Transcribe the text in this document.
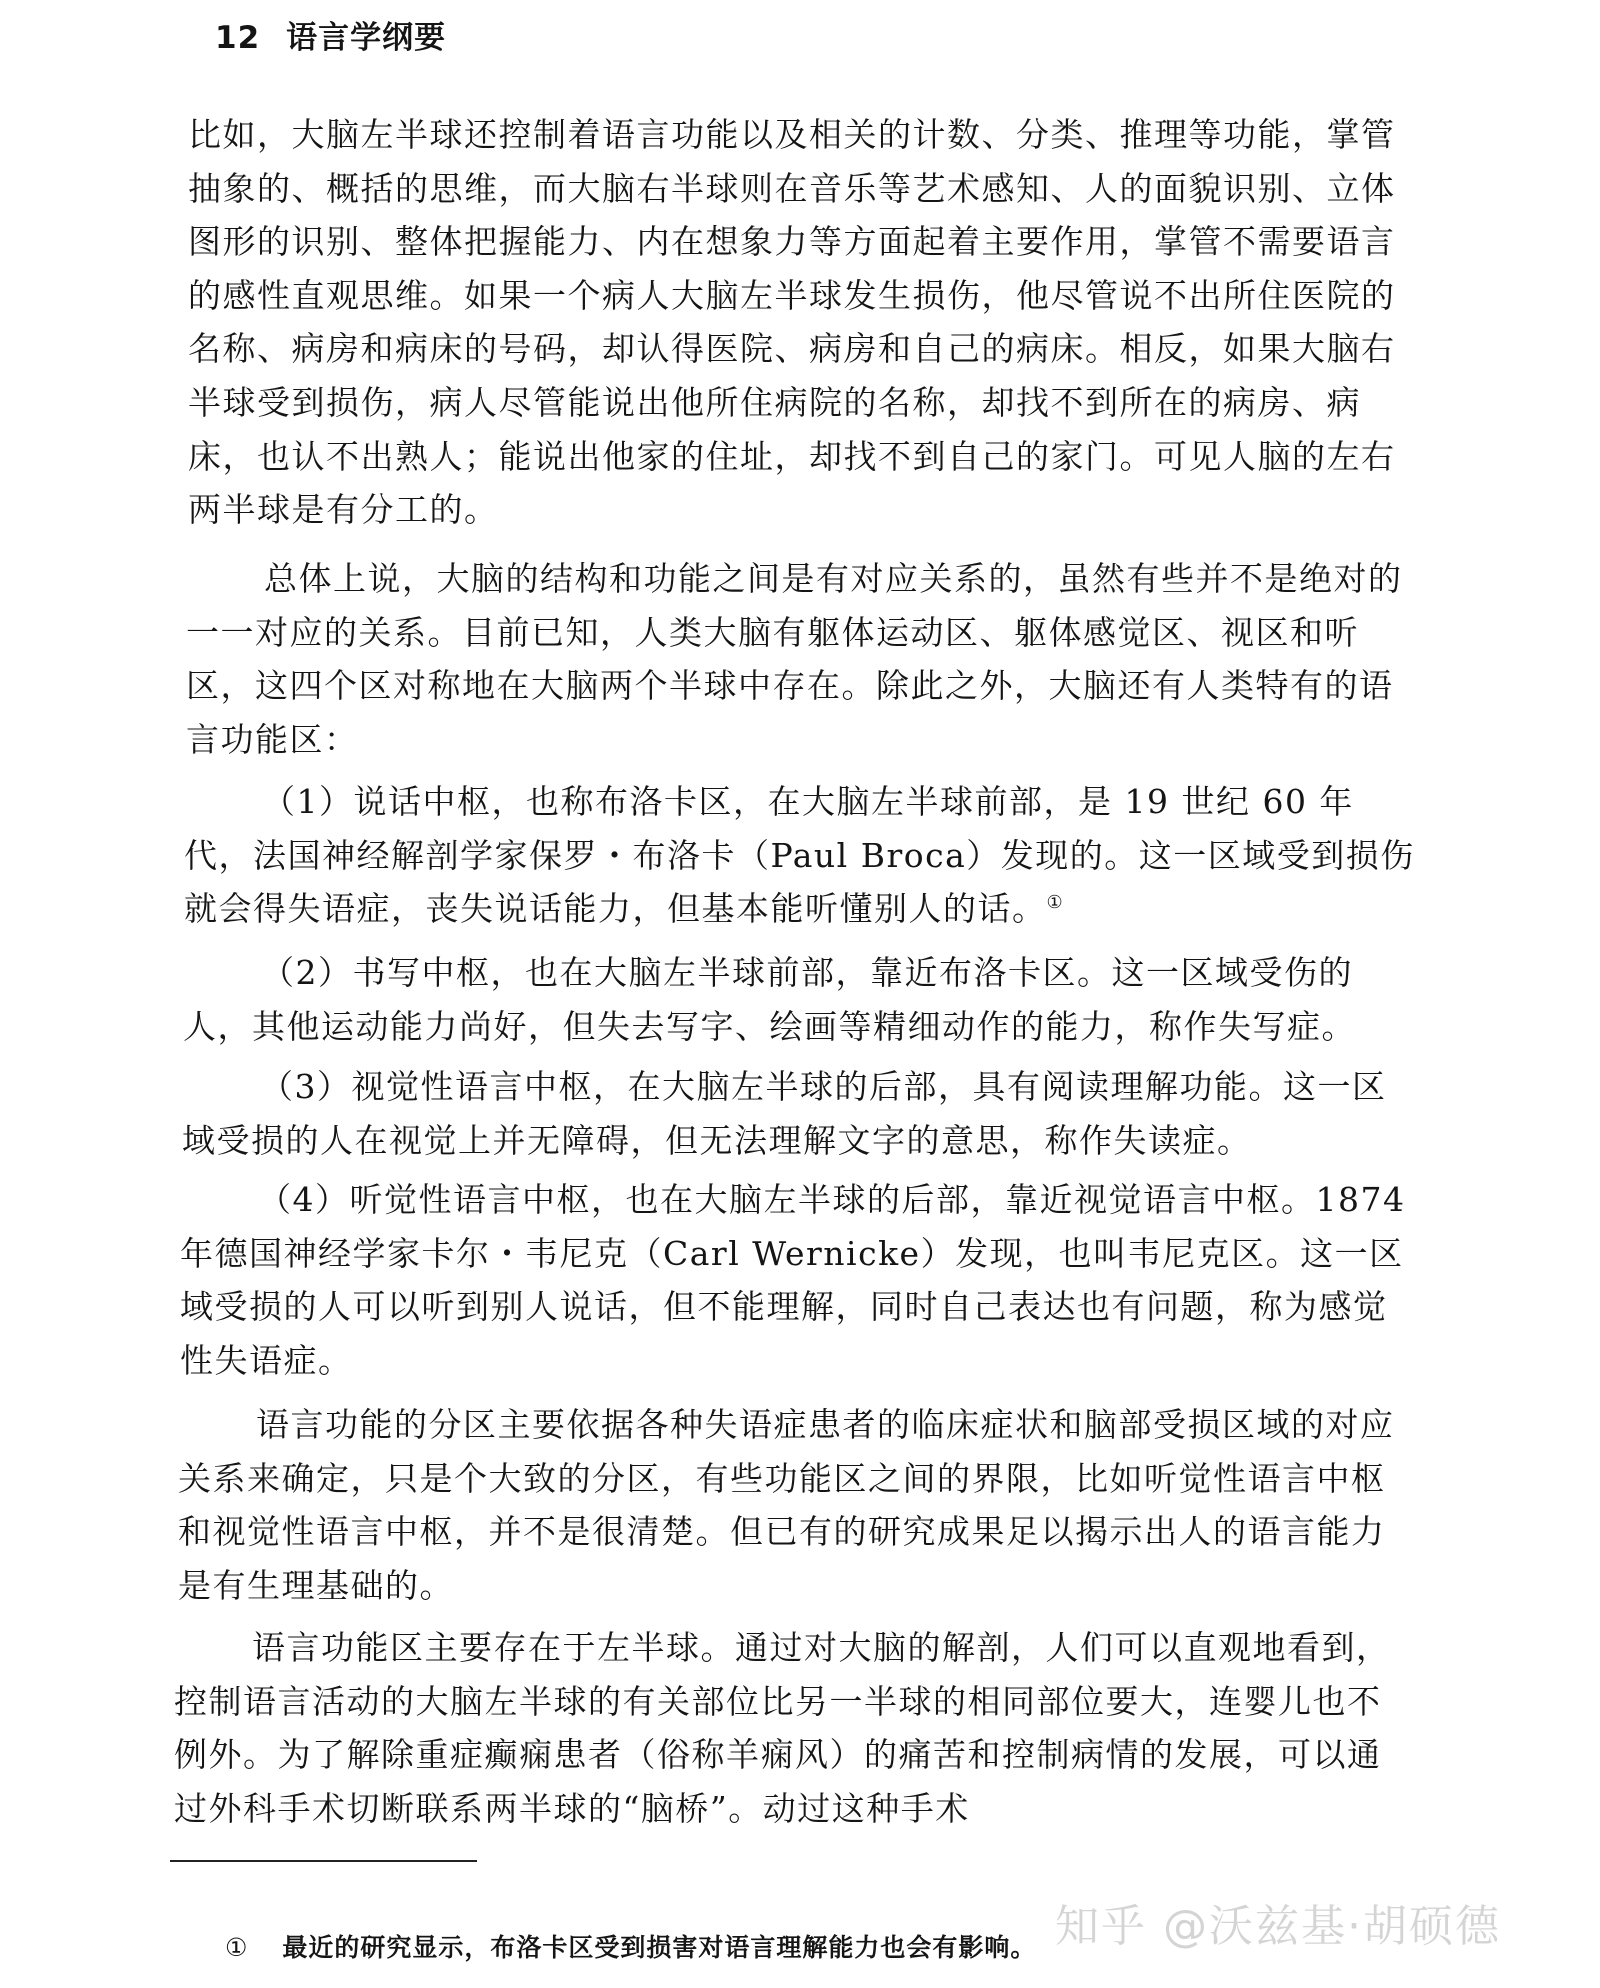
12 语言学纲要

比如，大脑左半球还控制着语言功能以及相关的计数、分类、推理等功能，掌管抽象的、概括的思维，而大脑右半球则在音乐等艺术感知、人的面貌识别、立体图形的识别、整体把握能力、内在想象力等方面起着主要作用，掌管不需要语言的感性直观思维。如果一个病人大脑左半球发生损伤，他尽管说不出所住医院的名称、病房和病床的号码，却认得医院、病房和自己的病床。相反，如果大脑右半球受到损伤，病人尽管能说出他所住病院的名称，却找不到所在的病房、病床，也认不出熟人；能说出他家的住址，却找不到自己的家门。可见人脑的左右两半球是有分工的。

总体上说，大脑的结构和功能之间是有对应关系的，虽然有些并不是绝对的一一对应的关系。目前已知，人类大脑有躯体运动区、躯体感觉区、视区和听区，这四个区对称地在大脑两个半球中存在。除此之外，大脑还有人类特有的语言功能区：

（1）说话中枢，也称布洛卡区，在大脑左半球前部，是 19 世纪 60 年代，法国神经解剖学家保罗・布洛卡（Paul Broca）发现的。这一区域受到损伤就会得失语症，丧失说话能力，但基本能听懂别人的话。①

（2）书写中枢，也在大脑左半球前部，靠近布洛卡区。这一区域受伤的人，其他运动能力尚好，但失去写字、绘画等精细动作的能力，称作失写症。

（3）视觉性语言中枢，在大脑左半球的后部，具有阅读理解功能。这一区域受损的人在视觉上并无障碍，但无法理解文字的意思，称作失读症。

（4）听觉性语言中枢，也在大脑左半球的后部，靠近视觉语言中枢。1874 年德国神经学家卡尔・韦尼克（Carl Wernicke）发现，也叫韦尼克区。这一区域受损的人可以听到别人说话，但不能理解，同时自己表达也有问题，称为感觉性失语症。

语言功能的分区主要依据各种失语症患者的临床症状和脑部受损区域的对应关系来确定，只是个大致的分区，有些功能区之间的界限，比如听觉性语言中枢和视觉性语言中枢，并不是很清楚。但已有的研究成果足以揭示出人的语言能力是有生理基础的。

语言功能区主要存在于左半球。通过对大脑的解剖，人们可以直观地看到，控制语言活动的大脑左半球的有关部位比另一半球的相同部位要大，连婴儿也不例外。为了解除重症癫痫患者（俗称羊痫风）的痛苦和控制病情的发展，可以通过外科手术切断联系两半球的“脑桥”。动过这种手术

① 最近的研究显示，布洛卡区受到损害对语言理解能力也会有影响。 知乎 @沃兹基·胡硕德
